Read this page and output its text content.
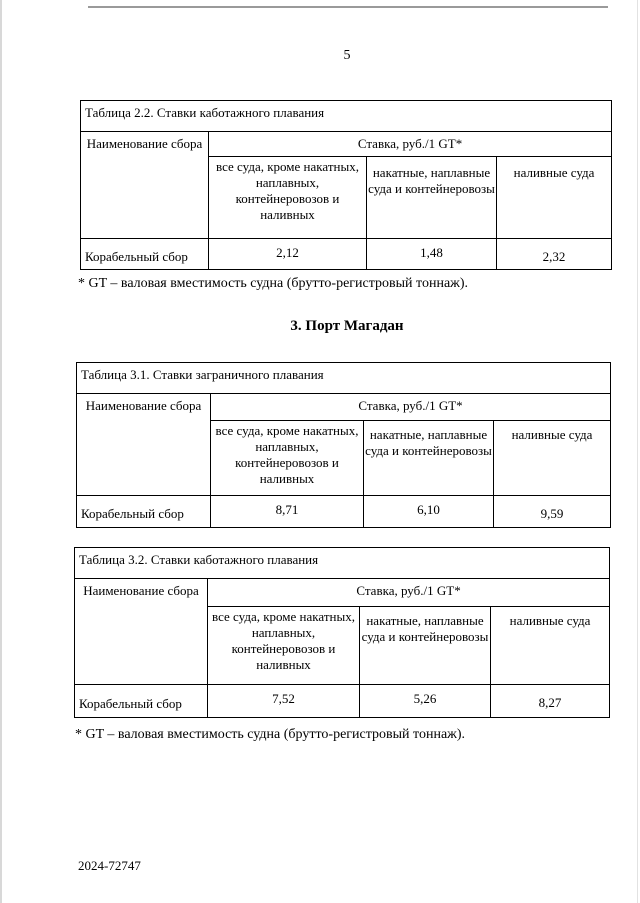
5
Таблица 2.2. Ставки каботажного плавания			
Наименование сбора	Ставка, руб./1 GT*		
	все суда, кроме накатных, наплавных, контейнеровозов и наливных	накатные, наплавные суда и контейнеровозы	наливные суда
Корабельный сбор	2,12	1,48	2,32
* GT – валовая вместимость судна (брутто-регистровый тоннаж).
3. Порт Магадан
Таблица 3.1. Ставки заграничного плавания			
Наименование сбора	Ставка, руб./1 GT*		
	все суда, кроме накатных, наплавных, контейнеровозов и наливных	накатные, наплавные суда и контейнеровозы	наливные суда
Корабельный сбор	8,71	6,10	9,59
Таблица 3.2. Ставки каботажного плавания			
Наименование сбора	Ставка, руб./1 GT*		
	все суда, кроме накатных, наплавных, контейнеровозов и наливных	накатные, наплавные суда и контейнеровозы	наливные суда
Корабельный сбор	7,52	5,26	8,27
* GT – валовая вместимость судна (брутто-регистровый тоннаж).
2024-72747
